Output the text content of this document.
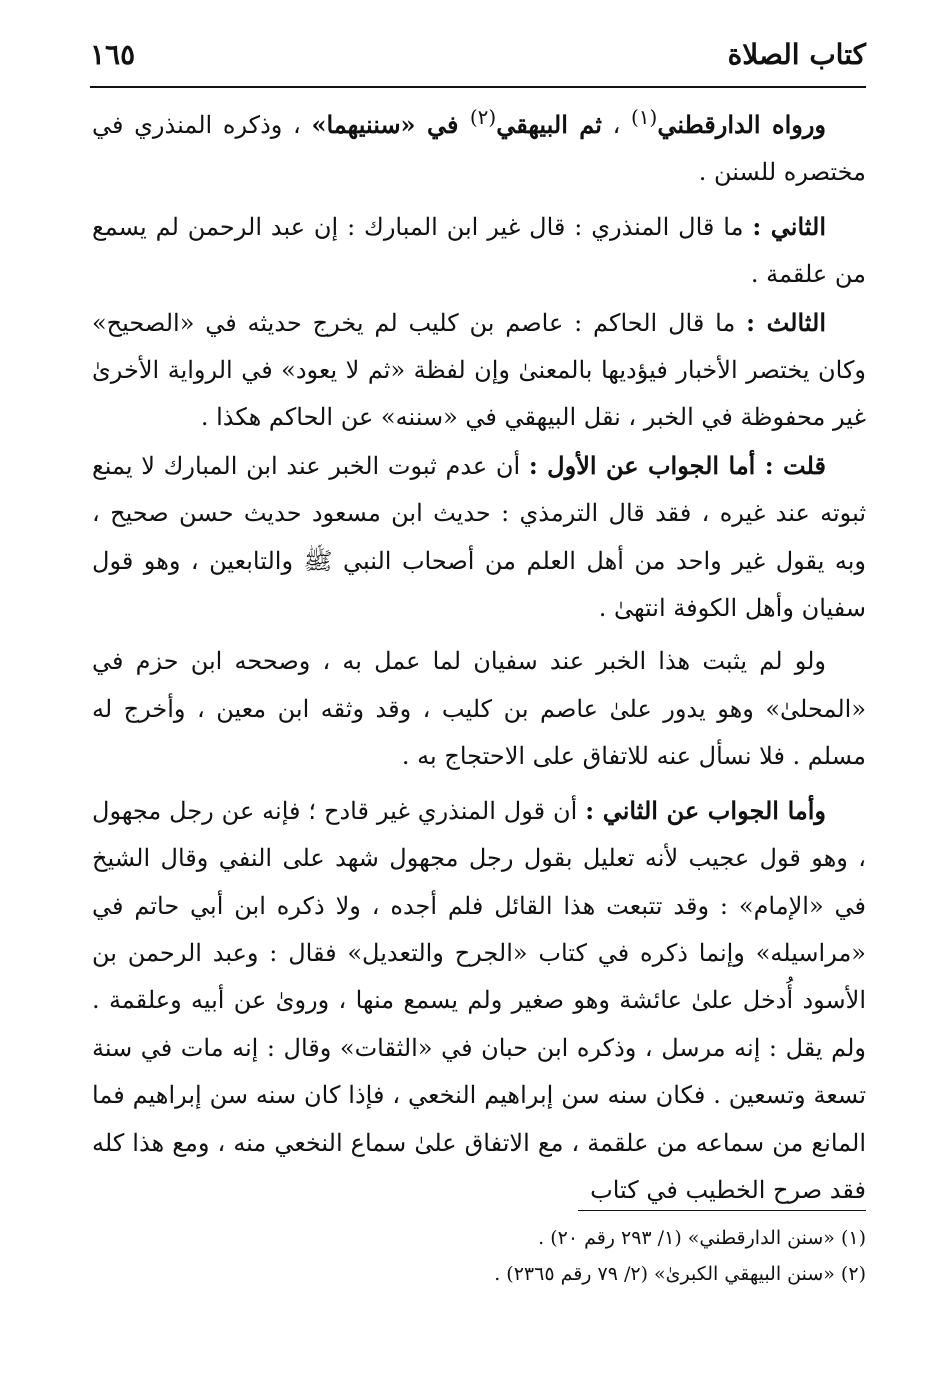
كتاب الصلاة
١٦٥

ورواه الدارقطني$^{(١)}$ ، ثم البيهقي$^{(٢)}$ في «سننيهما» ، وذكره المنذري في مختصره للسنن .

الثاني : ما قال المنذري : قال غير ابن المبارك : إن عبد الرحمن لم يسمع من علقمة .

الثالث : ما قال الحاكم : عاصم بن كليب لم يخرج حديثه في «الصحيح» وكان يختصر الأخبار فيؤديها بالمعنىٰ وإن لفظة «ثم لا يعود» في الرواية الأخرىٰ غير محفوظة في الخبر ، نقل البيهقي في «سننه» عن الحاكم هكذا .

قلت : أما الجواب عن الأول : أن عدم ثبوت الخبر عند ابن المبارك لا يمنع ثبوته عند غيره ، فقد قال الترمذي : حديث ابن مسعود حديث حسن صحيح ، وبه يقول غير واحد من أهل العلم من أصحاب النبي ﷺ والتابعين ، وهو قول سفيان وأهل الكوفة انتهىٰ .

ولو لم يثبت هذا الخبر عند سفيان لما عمل به ، وصححه ابن حزم في «المحلىٰ» وهو يدور علىٰ عاصم بن كليب ، وقد وثقه ابن معين ، وأخرج له مسلم . فلا نسأل عنه للاتفاق على الاحتجاج به .

وأما الجواب عن الثاني : أن قول المنذري غير قادح ؛ فإنه عن رجل مجهول ، وهو قول عجيب لأنه تعليل بقول رجل مجهول شهد على النفي وقال الشيخ في «الإمام» : وقد تتبعت هذا القائل فلم أجده ، ولا ذكره ابن أبي حاتم في «مراسيله» وإنما ذكره في كتاب «الجرح والتعديل» فقال : وعبد الرحمن بن الأسود أُدخل علىٰ عائشة وهو صغير ولم يسمع منها ، وروىٰ عن أبيه وعلقمة . ولم يقل : إنه مرسل ، وذكره ابن حبان في «الثقات» وقال : إنه مات في سنة تسعة وتسعين . فكان سنه سن إبراهيم النخعي ، فإذا كان سنه سن إبراهيم فما المانع من سماعه من علقمة ، مع الاتفاق علىٰ سماع النخعي منه ، ومع هذا كله فقد صرح الخطيب في كتاب

(١) «سنن الدارقطني» (١/ ٢٩٣ رقم ٢٠) .

(٢) «سنن البيهقي الكبرىٰ» (٢/ ٧٩ رقم ٢٣٦٥) .
